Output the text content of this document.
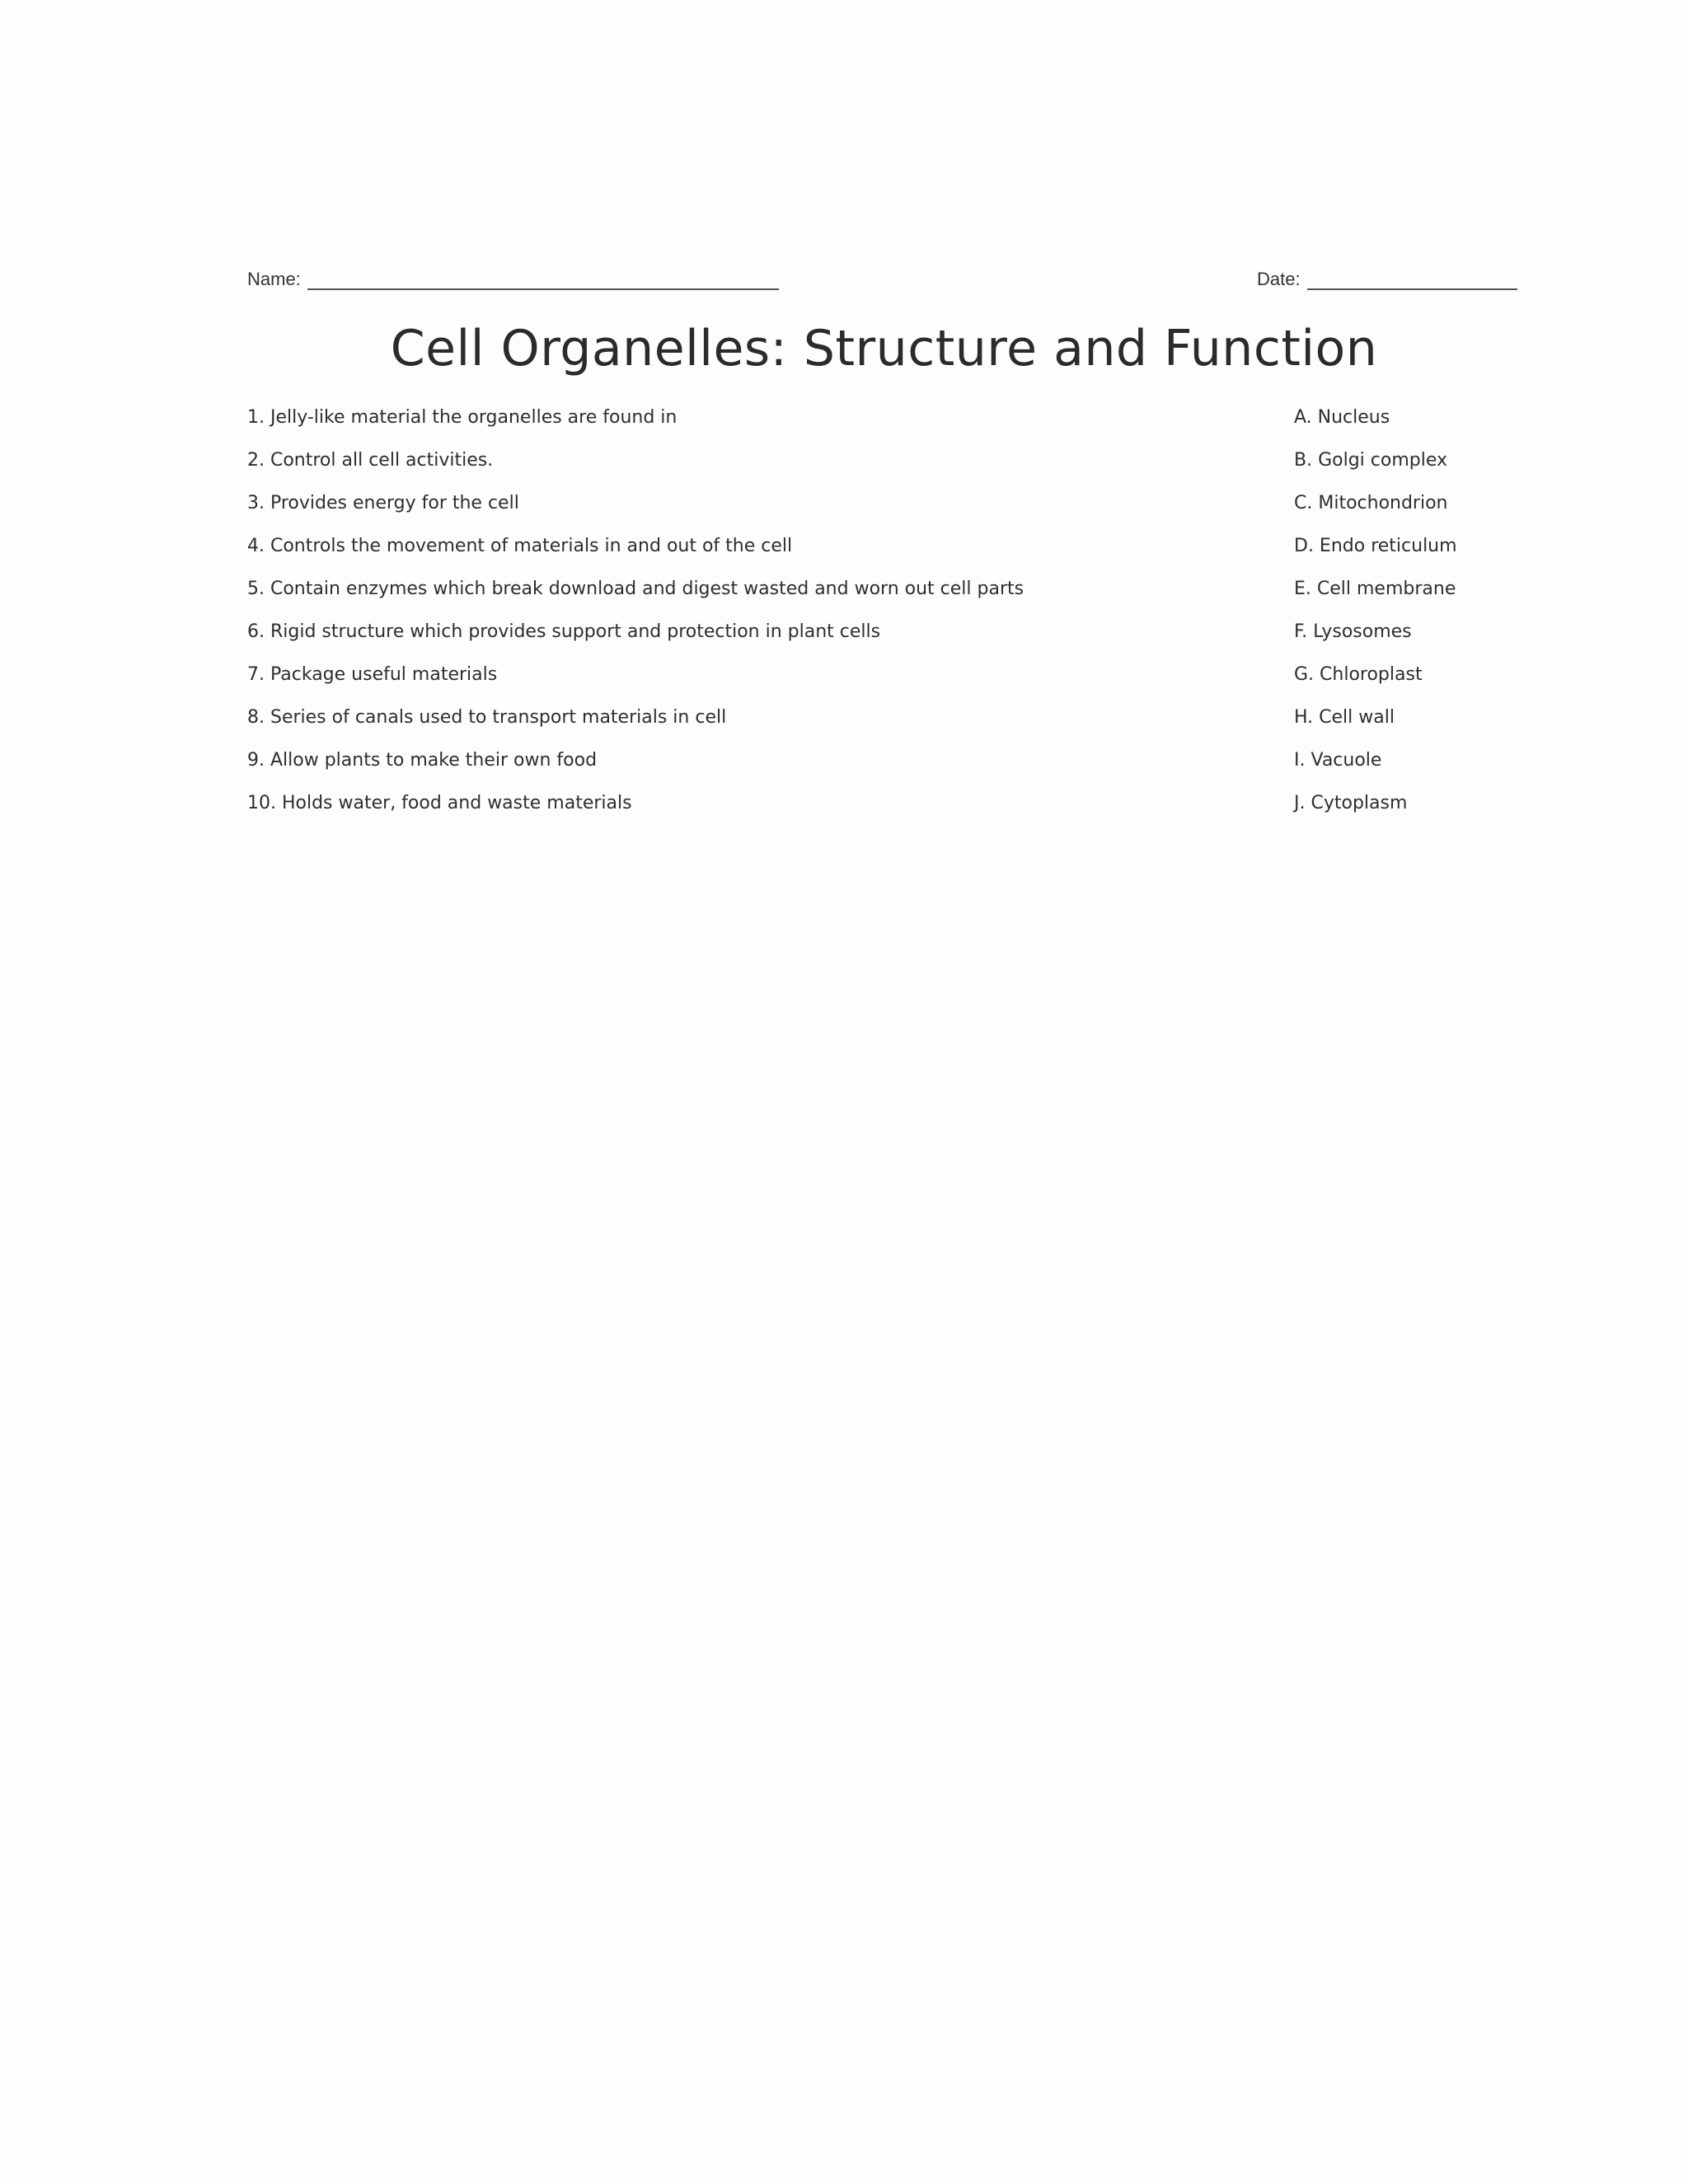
Name:	Date:
Cell Organelles: Structure and Function
1. Jelly-like material the organelles are found in	A. Nucleus
2. Control all cell activities.	B. Golgi complex
3. Provides energy for the cell	C. Mitochondrion
4. Controls the movement of materials in and out of the cell	D. Endo reticulum
5. Contain enzymes which break download and digest wasted and worn out cell parts	E. Cell membrane
6. Rigid structure which provides support and protection in plant cells	F. Lysosomes
7. Package useful materials	G. Chloroplast
8. Series of canals used to transport materials in cell	H. Cell wall
9. Allow plants to make their own food	I. Vacuole
10. Holds water, food and waste materials	J. Cytoplasm
